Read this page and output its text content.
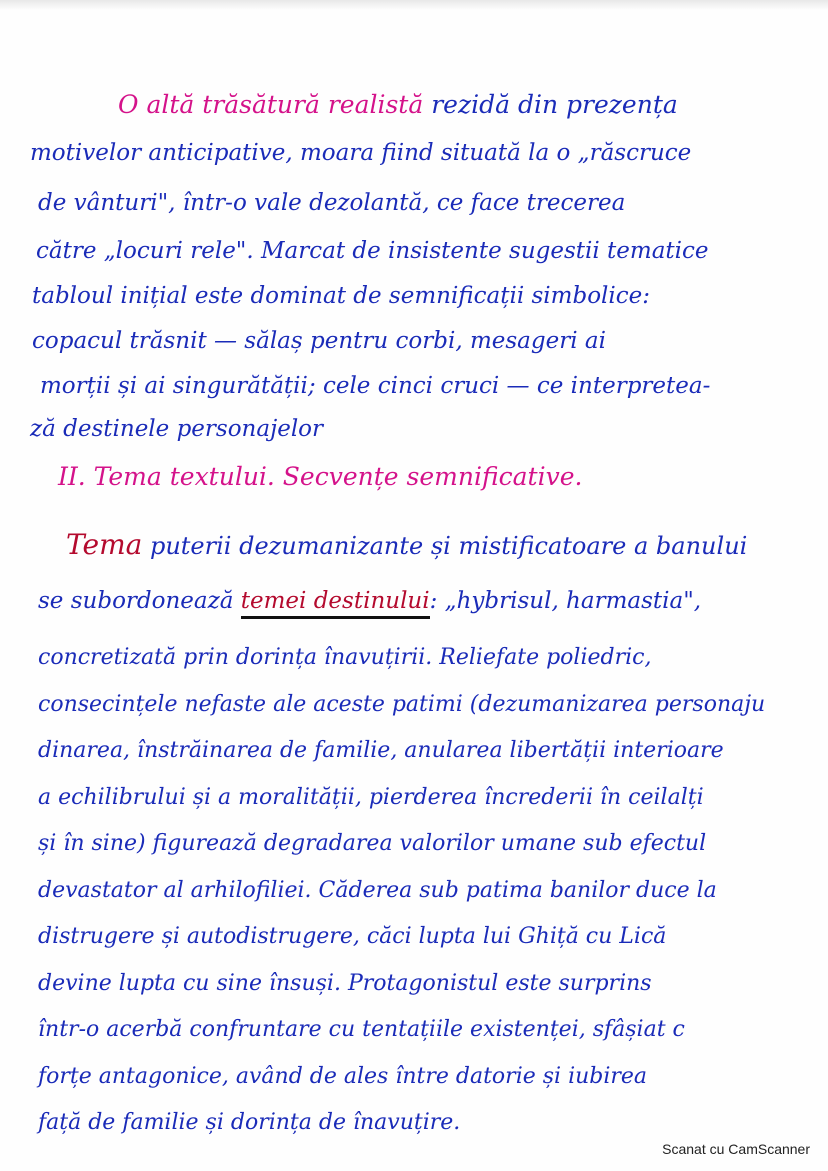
O altă trăsătură realistă rezidă din prezența
motivelor anticipative, moara fiind situată la o „răscruce
de vânturi", într-o vale dezolantă, ce face trecerea
către „locuri rele". Marcat de insistente sugestii tematice
tabloul inițial este dominat de semnificații simbolice:
copacul trăsnit — sălaș pentru corbi, mesageri ai
morții și ai singurătății; cele cinci cruci — ce interpretea-
ză destinele personajelor
II. Tema textului. Secvențe semnificative.
Tema puterii dezumanizante și mistificatoare a banului
se subordonează temei destinului: „hybrisul, harmastia",
concretizată prin dorința înavuțirii. Reliefate poliedric,
consecințele nefaste ale aceste patimi (dezumanizarea personaju
dinarea, înstrăinarea de familie, anularea libertății interioare
a echilibrului și a moralității, pierderea încrederii în ceilalți
și în sine) figurează degradarea valorilor umane sub efectul
devastator al arhilofiliei. Căderea sub patima banilor duce la
distrugere și autodistrugere, căci lupta lui Ghiță cu Lică
devine lupta cu sine însuși. Protagonistul este surprins
într-o acerbă confruntare cu tentațiile existenței, sfâșiat c
forțe antagonice, având de ales între datorie și iubirea
față de familie și dorința de înavuțire.
Scanat cu CamScanner
